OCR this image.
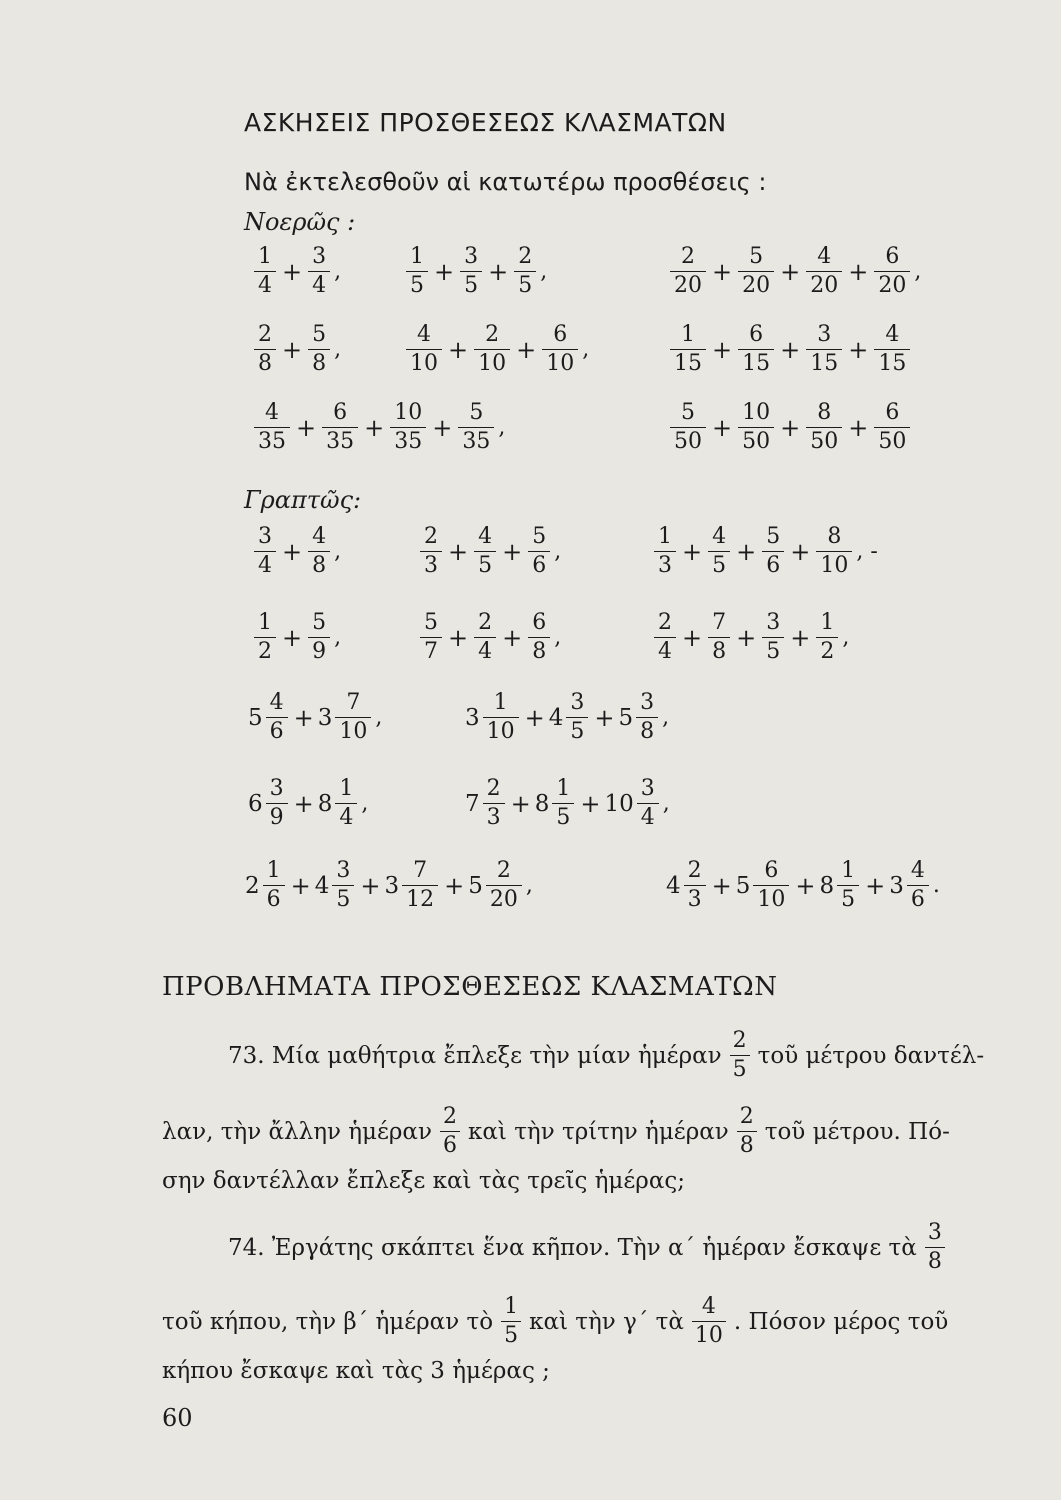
ΑΣΚΗΣΕΙΣ ΠΡΟΣΘΕΣΕΩΣ ΚΛΑΣΜΑΤΩΝ
Νὰ ἐκτελεσθοῦν αἱ κατωτέρω προσθέσεις :
Νοερῶς :
$\frac{1}{4} + \frac{3}{4}$ ,	$\frac{1}{5} + \frac{3}{5} + \frac{2}{5}$ ,	$\frac{2}{20} + \frac{5}{20} + \frac{4}{20} + \frac{6}{20}$ ,
$\frac{2}{8} + \frac{5}{8}$ ,	$\frac{4}{10} + \frac{2}{10} + \frac{6}{10}$ ,	$\frac{1}{15} + \frac{6}{15} + \frac{3}{15} + \frac{4}{15}$
$\frac{4}{35} + \frac{6}{35} + \frac{10}{35} + \frac{5}{35}$ ,	$\frac{5}{50} + \frac{10}{50} + \frac{8}{50} + \frac{6}{50}$
Γραπτῶς:
$\frac{3}{4} + \frac{4}{8}$ ,	$\frac{2}{3} + \frac{4}{5} + \frac{5}{6}$ ,	$\frac{1}{3} + \frac{4}{5} + \frac{5}{6} + \frac{8}{10}$ , -
$\frac{1}{2} + \frac{5}{9}$ ,	$\frac{5}{7} + \frac{2}{4} + \frac{6}{8}$ ,	$\frac{2}{4} + \frac{7}{8} + \frac{3}{5} + \frac{1}{2}$ ,
$5 \frac{4}{6} + 3 \frac{7}{10}$ ,	$3 \frac{1}{10} + 4 \frac{3}{5} + 5 \frac{3}{8}$ ,
$6 \frac{3}{9} + 8 \frac{1}{4}$ ,	$7 \frac{2}{3} + 8 \frac{1}{5} + 10 \frac{3}{4}$ ,
$2 \frac{1}{6} + 4 \frac{3}{5} + 3 \frac{7}{12} + 5 \frac{2}{20}$ ,	$4 \frac{2}{3} + 5 \frac{6}{10} + 8 \frac{1}{5} + 3 \frac{4}{6}$ .
ΠΡΟΒΛΗΜΑΤΑ ΠΡΟΣΘΕΣΕΩΣ ΚΛΑΣΜΑΤΩΝ
73. Μία μαθήτρια ἔπλεξε τὴν μίαν ἡμέραν $\frac{2}{5}$ τοῦ μέτρου δαντέλ-
λαν, τὴν ἄλλην ἡμέραν $\frac{2}{6}$ καὶ τὴν τρίτην ἡμέραν $\frac{2}{8}$ τοῦ μέτρου. Πό-
σην δαντέλλαν ἔπλεξε καὶ τὰς τρεῖς ἡμέρας;
74. Ἐργάτης σκάπτει ἕνα κῆπον. Τὴν α΄ ἡμέραν ἔσκαψε τὰ $\frac{3}{8}$
τοῦ κήπου, τὴν β΄ ἡμέραν τὸ $\frac{1}{5}$ καὶ τὴν γ΄ τὰ $\frac{4}{10}$ . Πόσον μέρος τοῦ
κήπου ἔσκαψε καὶ τὰς 3 ἡμέρας ;
60
